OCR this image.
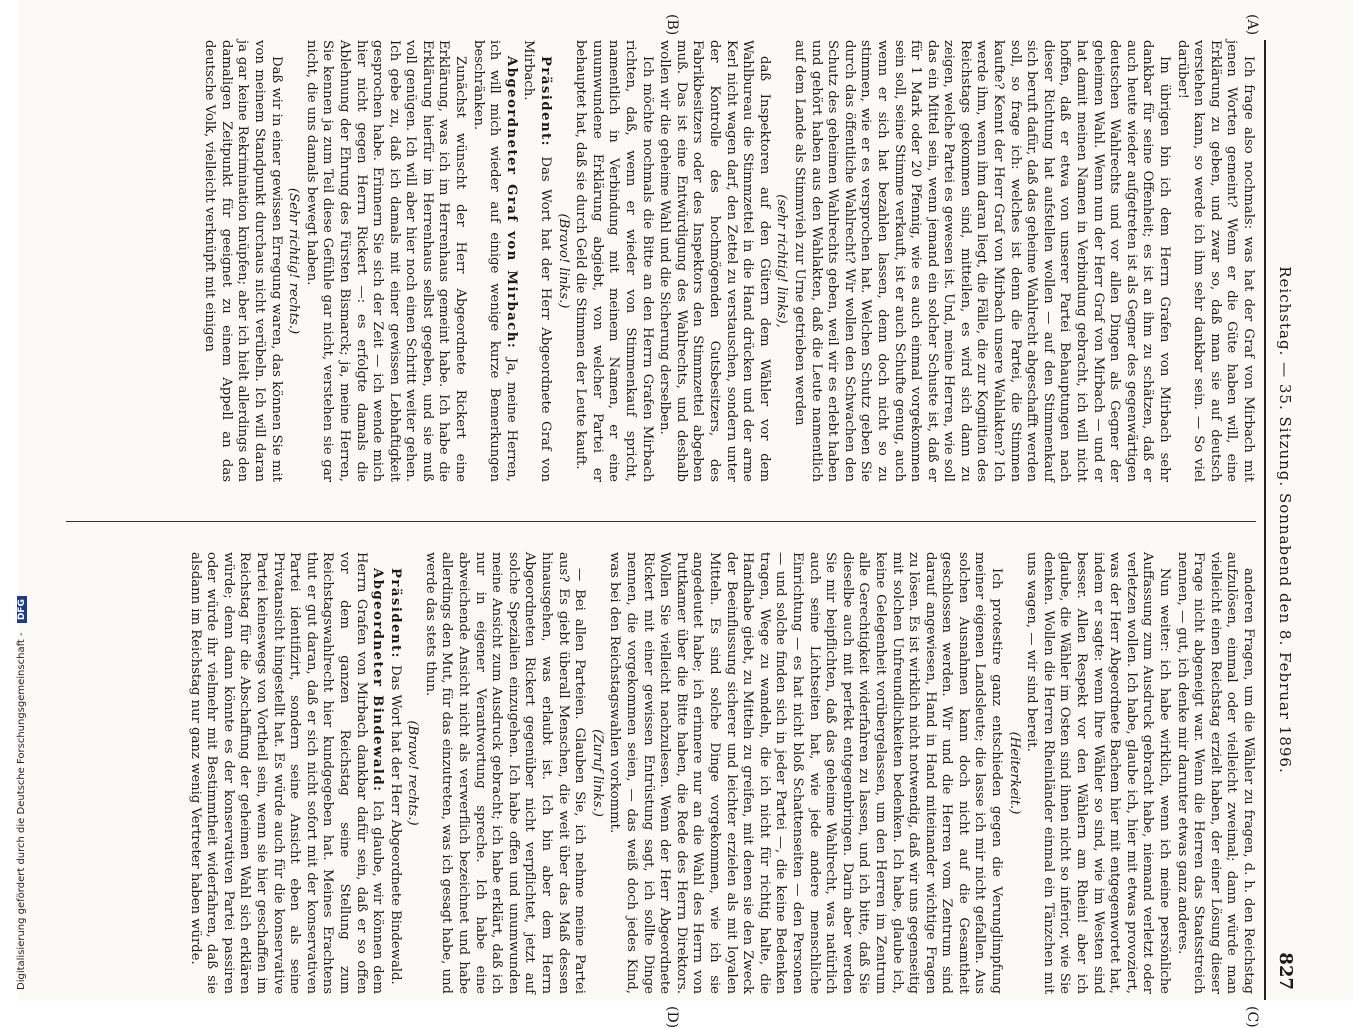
Reichstag. — 35. Sitzung. Sonnabend den 8. Februar 1896.
827
(A)
(B)
(C)
(D)

Ich frage also nochmals: was hat der Graf von Mirbach mit jenen Worten gemeint? Wenn er die Güte haben will, eine Erklärung zu geben, und zwar so, daß man sie auf deutsch verstehen kann, so werde ich ihm sehr dankbar sein. — So viel darüber!

Im übrigen bin ich dem Herrn Grafen von Mirbach sehr dankbar für seine Offenheit; es ist an ihm zu schätzen, daß er auch heute wieder aufgetreten ist als Gegner des gegenwärtigen deutschen Wahlrechts und vor allen Dingen als Gegner der geheimen Wahl. Wenn nun der Herr Graf von Mirbach — und er hat damit meinen Namen in Verbindung gebracht, ich will nicht hoffen, daß er etwa von unserer Partei Behauptungen nach dieser Richtung hat aufstellen wollen — auf den Stimmenkauf sich beruft dafür, daß das geheime Wahlrecht abgeschafft werden soll, so frage ich: welches ist denn die Partei, die Stimmen kaufte? Kennt der Herr Graf von Mirbach unsere Wahlakten? Ich werde ihm, wenn ihm daran liegt, die Fälle, die zur Kognition des Reichstags gekommen sind, mitteilen, es wird sich dann zu zeigen, welche Partei es gewesen ist. Und, meine Herren, wie soll das ein Mittel sein, wenn jemand ein solcher Schuste ist, daß er für 1 Mark oder 20 Pfennig, wie es auch einmal vorgekommen sein soll, seine Stimme verkauft, ist er auch Schufte genug, auch wenn er sich hat bezahlen lassen, denn doch nicht so zu stimmen, wie er es versprochen hat. Welchen Schutz geben Sie durch das öffentliche Wahlrecht? Wir wollen den Schwachen den Schutz des geheimen Wahlrechts geben, weil wir es erlebt haben und gehört haben aus den Wahlakten, daß die Leute namentlich auf dem Lande als Stimmvieh zur Urne getrieben werden

(sehr richtig! links),

daß Inspektoren auf den Gütern dem Wähler vor dem Wahlbureau die Stimmzettel in die Hand drücken und der arme Kerl nicht wagen darf, den Zettel zu verstauschen, sondern unter der Kontrolle des hochmögenden Gutsbesitzers, des Fabrikbesitzers oder des Inspektors den Stimmzettel abgeben muß. Das ist eine Entwürdigung des Wahlrechts, und deshalb wollen wir die geheime Wahl und die Sicherung derselben.

Ich möchte nochmals die Bitte an den Herrn Grafen Mirbach richten, daß, wenn er wieder von Stimmenkauf spricht, namentlich in Verbindung mit meinem Namen, er eine unumwundene Erklärung abgiebt, von welcher Partei er behauptet hat, daß sie durch Geld die Stimmen der Leute kauft.

(Bravo! links.)

Präsident: Das Wort hat der Herr Abgeordnete Graf von Mirbach.

Abgeordneter Graf von Mirbach: Ja, meine Herren, ich will mich wieder auf einige wenige kurze Bemerkungen beschränken.

Zunächst wünscht der Herr Abgeordnete Rickert eine Erklärung, was ich im Herrenhaus gemeint habe. Ich habe die Erklärung hierfür im Herrenhaus selbst gegeben, und sie muß voll genügen. Ich will aber hier noch einen Schritt weiter gehen. Ich gebe zu, daß ich damals mit einer gewissen Lebhaftigkeit gesprochen habe. Erinnern Sie sich der Zeit — ich wende mich hier nicht gegen Herrn Rickert —: es erfolgte damals die Ablehnung der Ehrung des Fürsten Bismarck; ja, meine Herren, Sie kennen ja zum Teil diese Gefühle gar nicht, verstehen sie gar nicht, die uns damals bewegt haben.

(Sehr richtig! rechts.)

Daß wir in einer gewissen Erregung waren, das können Sie mit von meinem Standpunkt durchaus nicht verübeln. Ich will daran ja gar keine Rekrimination knüpfen; aber ich hielt allerdings den damaligen Zeitpunkt für geeignet zu einem Appell an das deutsche Volk, vielleicht verknüpft mit einigen

anderen Fragen, um die Wähler zu fragen, d. h. den Reichstag aufzulösen, einmal oder vielleicht zweimal; dann würde man vielleicht einen Reichstag erzielt haben, der einer Lösung dieser Frage nicht abgeneigt war. Wenn die Herren das Staatsstreich nennen, — gut, ich denke mir darunter etwas ganz anderes.

Nun weiter: ich habe wirklich, wenn ich meine persönliche Auffassung zum Ausdruck gebracht habe, niemand verletzt oder verletzen wollen. Ich habe, glaube ich, hier mit etwas provoziert, was der Herr Abgeordnete Bachem hier mit entgegenwortet hat, indem er sagte: wenn Ihre Wähler so sind, wie im Westen sind besser. Allen Respekt vor den Wählern am Rhein! aber ich glaube, die Wähler im Osten sind ihnen nicht so inferior, wie Sie denken. Wollen die Herren Rheinländer einmal ein Tänzchen mit uns wagen, — wir sind bereit.

(Heiterkeit.)

Ich protestire ganz entschieden gegen die Verunglimpfung meiner eigenen Landsleute; die lasse ich mir nicht gefallen. Aus solchen Ausnahmen kann doch nicht auf die Gesamtheit geschlossen werden. Wir und die Herren vom Zentrum sind darauf angewiesen, Hand in Hand miteinander wichtige Fragen zu lösen. Es ist wirklich nicht notwendig, daß wir uns gegenseitig mit solchen Unfreundlichkeiten bedenken. Ich habe, glaube ich, keine Gelegenheit vorübergelassen, um den Herren im Zentrum alle Gerechtigkeit widerfahren zu lassen, und ich bitte, daß Sie dieselbe auch mit perfekt entgegenbringen. Darin aber werden Sie mir beipflichten, daß das geheime Wahlrecht, was natürlich auch seine Lichtseiten hat, wie jede andere menschliche Einrichtung — es hat nicht bloß Schattenseiten — den Personen — und solche finden sich in jeder Partei —, die keine Bedenken tragen, Wege zu wandeln, die ich nicht für richtig halte, die Handhabe giebt, zu Mitteln zu greifen, mit denen sie den Zweck der Beeinflussung sicherer und leichter erzielen als mit loyalen Mitteln. Es sind solche Dinge vorgekommen, wie ich sie angedeutet habe; ich erinnere nur an die Wahl des Herrn von Puttkamer über die Bitte haben, die Rede des Herrn Direktors. Wollen Sie vielleicht nachzulesen. Wenn der Herr Abgeordnete Rickert mit einer gewissen Entrüstung sagt, ich sollte Dinge nennen, die vorgekommen seien, — das weiß doch jedes Kind, was bei den Reichstagswahlen vorkommt.

(Zuruf links.)

— Bei allen Parteien. Glauben Sie, ich nehme meine Partei aus? Es giebt überall Menschen, die weit über das Maß dessen hinausgehen, was erlaubt ist. Ich bin aber dem Herrn Abgeordneten Rickert gegenüber nicht verpflichtet, jetzt auf solche Spezialien einzugehen. Ich habe offen und unumwunden meine Ansicht zum Ausdruck gebracht; ich habe erklärt, daß ich nur in eigener Verantwortung spreche. Ich habe eine abweichende Ansicht nicht als verwerflich bezeichnet und habe allerdings den Mut, für das einzutreten, was ich gesagt habe, und werde das stets thun.

(Bravo! rechts.)

Präsident: Das Wort hat der Herr Abgeordnete Bindewald.

Abgeordneter Bindewald: Ich glaube, wir können dem Herrn Grafen von Mirbach dankbar dafür sein, daß er so offen vor dem ganzen Reichstag seine Stellung zum Reichstagswahlrecht hier kundgegeben hat. Meines Erachtens thut er gut daran, daß er sich nicht sofort mit der konservativen Partei identifizirt, sondern seine Ansicht eben als seine Privatansicht hingestellt hat. Es würde auch für die konservative Partei keineswegs von Vortheil sein, wenn sie hier geschaffen im Reichstag für die Abschaffung der geheimen Wahl sich erklären würde; denn dann könnte es der konservativen Partei passiren oder würde ihr vielmehr mit Bestimmtheit widerfahren, daß sie alsdann im Reichstag nur ganz wenig Vertreter haben würde.

Digitalisierung gefördert durch die Deutsche Forschungsgemeinschaft - DFG
